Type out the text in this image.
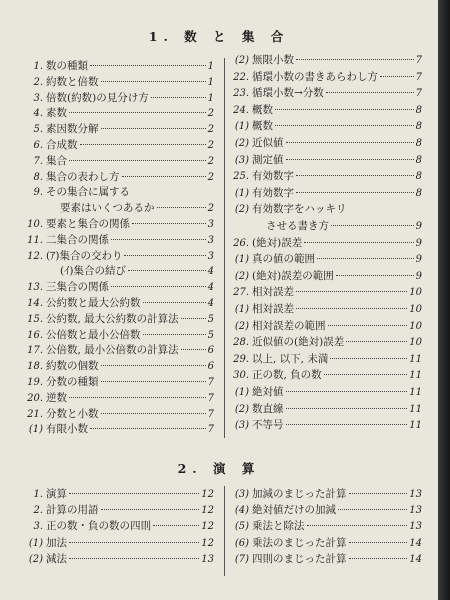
1. 数 と 集 合
1. 数の種類	1
2. 約数と倍数	1
3. 倍数(約数)の見分け方	1
4. 素数	2
5. 素因数分解	2
6. 合成数	2
7. 集合	2
8. 集合の表わし方	2
9. その集合に属する
要素はいくつあるか	2
10. 要素と集合の関係	3
11. 二集合の関係	3
12. (ｱ)集合の交わり	3
(ｲ)集合の結び	4
13. 三集合の関係	4
14. 公約数と最大公約数	4
15. 公約数, 最大公約数の計算法	5
16. 公倍数と最小公倍数	5
17. 公倍数, 最小公倍数の計算法	6
18. 約数の個数	6
19. 分数の種類	7
20. 逆数	7
21. 分数と小数	7
(1) 有限小数	7
(2) 無限小数	7
22. 循環小数の書きあらわし方	7
23. 循環小数→分数	7
24. 概数	8
(1) 概数	8
(2) 近似値	8
(3) 測定値	8
25. 有効数字	8
(1) 有効数字	8
(2) 有効数字をハッキリ
させる書き方	9
26. (絶対)誤差	9
(1) 真の値の範囲	9
(2) (絶対)誤差の範囲	9
27. 相対誤差	10
(1) 相対誤差	10
(2) 相対誤差の範囲	10
28. 近似値の(絶対)誤差	10
29. 以上, 以下, 未満	11
30. 正の数, 負の数	11
(1) 絶対値	11
(2) 数直線	11
(3) 不等号	11
2. 演 算
1. 演算	12
2. 計算の用語	12
3. 正の数・負の数の四則	12
(1) 加法	12
(2) 減法	13
(3) 加減のまじった計算	13
(4) 絶対値だけの加減	13
(5) 乗法と除法	13
(6) 乗法のまじった計算	14
(7) 四則のまじった計算	14
